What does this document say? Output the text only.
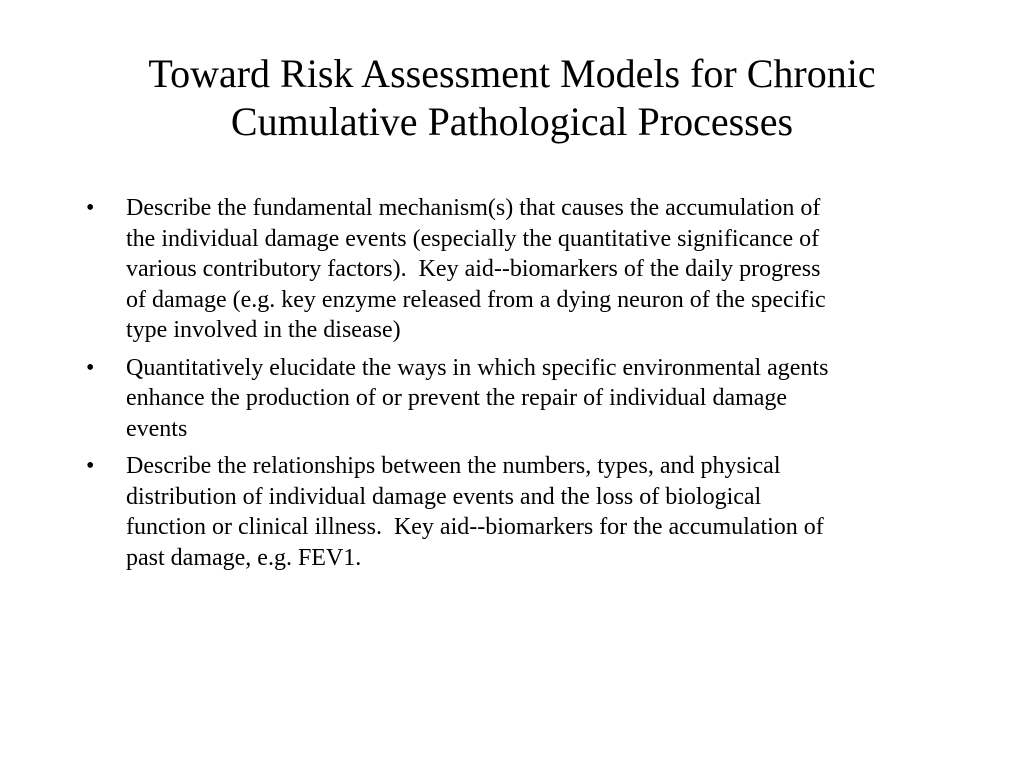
Toward Risk Assessment Models for Chronic
Cumulative Pathological Processes
•	Describe the fundamental mechanism(s) that causes the accumulation of
the individual damage events (especially the quantitative significance of
various contributory factors).  Key aid--biomarkers of the daily progress
of damage (e.g. key enzyme released from a dying neuron of the specific
type involved in the disease)
•	Quantitatively elucidate the ways in which specific environmental agents
enhance the production of or prevent the repair of individual damage
events
•	Describe the relationships between the numbers, types, and physical
distribution of individual damage events and the loss of biological
function or clinical illness.  Key aid--biomarkers for the accumulation of
past damage, e.g. FEV1.
